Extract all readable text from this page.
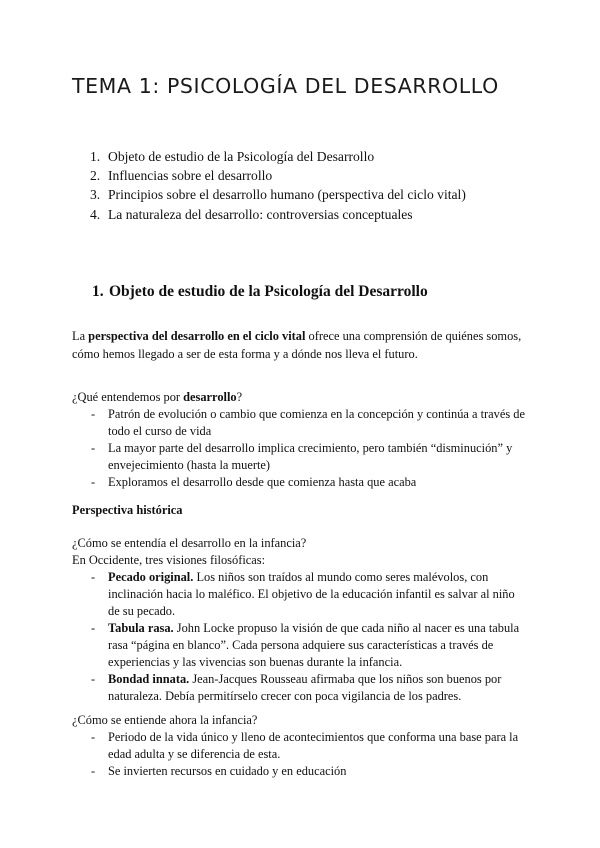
TEMA 1: PSICOLOGÍA DEL DESARROLLO
1. Objeto de estudio de la Psicología del Desarrollo
2. Influencias sobre el desarrollo
3. Principios sobre el desarrollo humano (perspectiva del ciclo vital)
4. La naturaleza del desarrollo: controversias conceptuales
1. Objeto de estudio de la Psicología del Desarrollo
La perspectiva del desarrollo en el ciclo vital ofrece una comprensión de quiénes somos, cómo hemos llegado a ser de esta forma y a dónde nos lleva el futuro.
¿Qué entendemos por desarrollo?
- Patrón de evolución o cambio que comienza en la concepción y continúa a través de todo el curso de vida
- La mayor parte del desarrollo implica crecimiento, pero también “disminución” y envejecimiento (hasta la muerte)
- Exploramos el desarrollo desde que comienza hasta que acaba
Perspectiva histórica
¿Cómo se entendía el desarrollo en la infancia?
En Occidente, tres visiones filosóficas:
- Pecado original. Los niños son traídos al mundo como seres malévolos, con inclinación hacia lo maléfico. El objetivo de la educación infantil es salvar al niño de su pecado.
- Tabula rasa. John Locke propuso la visión de que cada niño al nacer es una tabula rasa “página en blanco”. Cada persona adquiere sus características a través de experiencias y las vivencias son buenas durante la infancia.
- Bondad innata. Jean-Jacques Rousseau afirmaba que los niños son buenos por naturaleza. Debía permitírselo crecer con poca vigilancia de los padres.
¿Cómo se entiende ahora la infancia?
- Periodo de la vida único y lleno de acontecimientos que conforma una base para la edad adulta y se diferencia de esta.
- Se invierten recursos en cuidado y en educación
